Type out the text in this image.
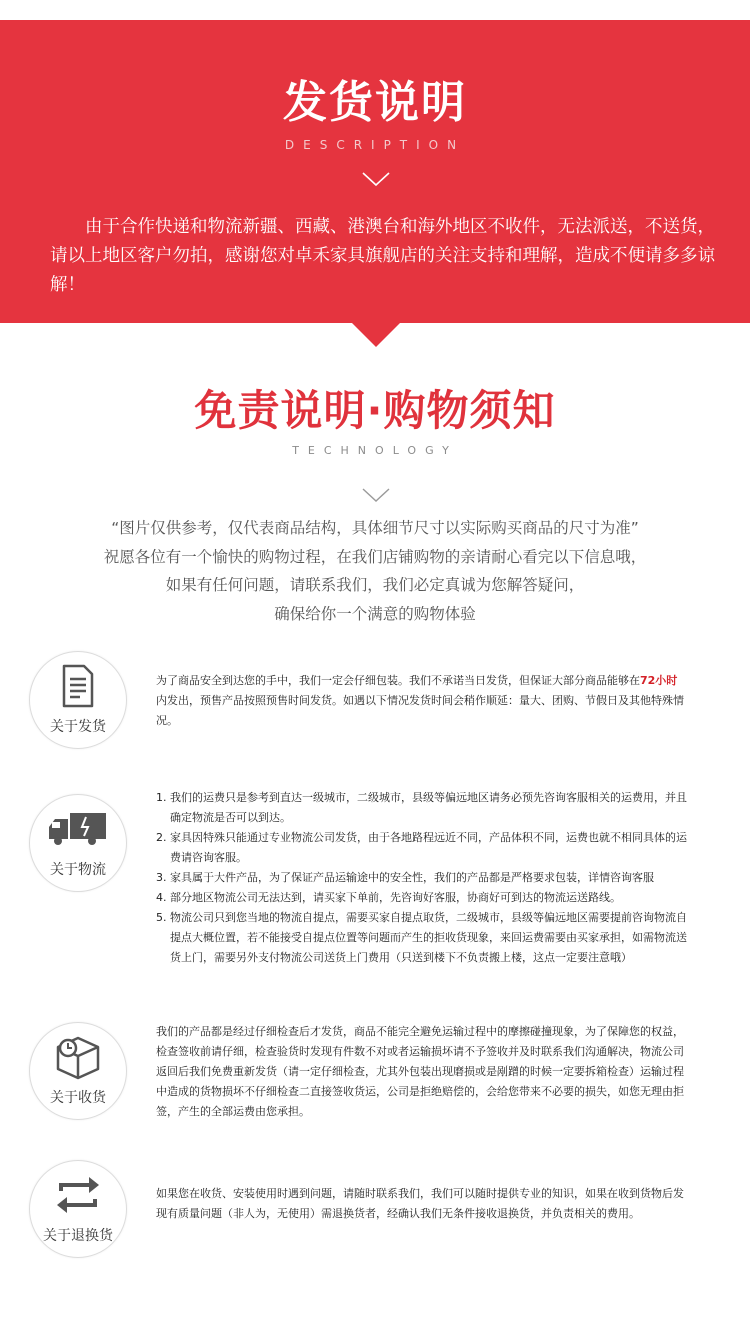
发货说明
DESCRIPTION
由于合作快递和物流新疆、西藏、港澳台和海外地区不收件，无法派送，不送货，请以上地区客户勿拍，感谢您对卓禾家具旗舰店的关注支持和理解，造成不便请多多谅解！
免责说明·购物须知
TECHNOLOGY
“图片仅供参考，仅代表商品结构，具体细节尺寸以实际购买商品的尺寸为准”
祝愿各位有一个愉快的购物过程，在我们店铺购物的亲请耐心看完以下信息哦，
如果有任何问题，请联系我们，我们必定真诚为您解答疑问，
确保给你一个满意的购物体验
关于发货
为了商品安全到达您的手中，我们一定会仔细包装。我们不承诺当日发货，但保证大部分商品能够在72小时内发出，预售产品按照预售时间发货。如遇以下情况发货时间会稍作顺延：量大、团购、节假日及其他特殊情况。
关于物流
1. 我们的运费只是参考到直达一级城市，二级城市，县级等偏远地区请务必预先咨询客服相关的运费用，并且确定物流是否可以到达。
2. 家具因特殊只能通过专业物流公司发货，由于各地路程远近不同，产品体积不同，运费也就不相同具体的运费请咨询客服。
3. 家具属于大件产品，为了保证产品运输途中的安全性，我们的产品都是严格要求包装，详情咨询客服
4. 部分地区物流公司无法达到，请买家下单前，先咨询好客服，协商好可到达的物流运送路线。
5. 物流公司只到您当地的物流自提点，需要买家自提点取货，二级城市，县级等偏远地区需要提前咨询物流自提点大概位置，若不能接受自提点位置等问题而产生的拒收货现象，来回运费需要由买家承担，如需物流送货上门，需要另外支付物流公司送货上门费用（只送到楼下不负责搬上楼，这点一定要注意哦）
关于收货
我们的产品都是经过仔细检查后才发货，商品不能完全避免运输过程中的摩擦碰撞现象，为了保障您的权益，检查签收前请仔细，检查验货时发现有件数不对或者运输损坏请不予签收并及时联系我们沟通解决，物流公司返回后我们免费重新发货（请一定仔细检查，尤其外包装出现磨损或是剐蹭的时候一定要拆箱检查）运输过程中造成的货物损坏不仔细检查二直接签收货运，公司是拒绝赔偿的，会给您带来不必要的损失，如您无理由拒签，产生的全部运费由您承担。
关于退换货
如果您在收货、安装使用时遇到问题，请随时联系我们，我们可以随时提供专业的知识，如果在收到货物后发现有质量问题（非人为，无使用）需退换货者，经确认我们无条件接收退换货，并负责相关的费用。
